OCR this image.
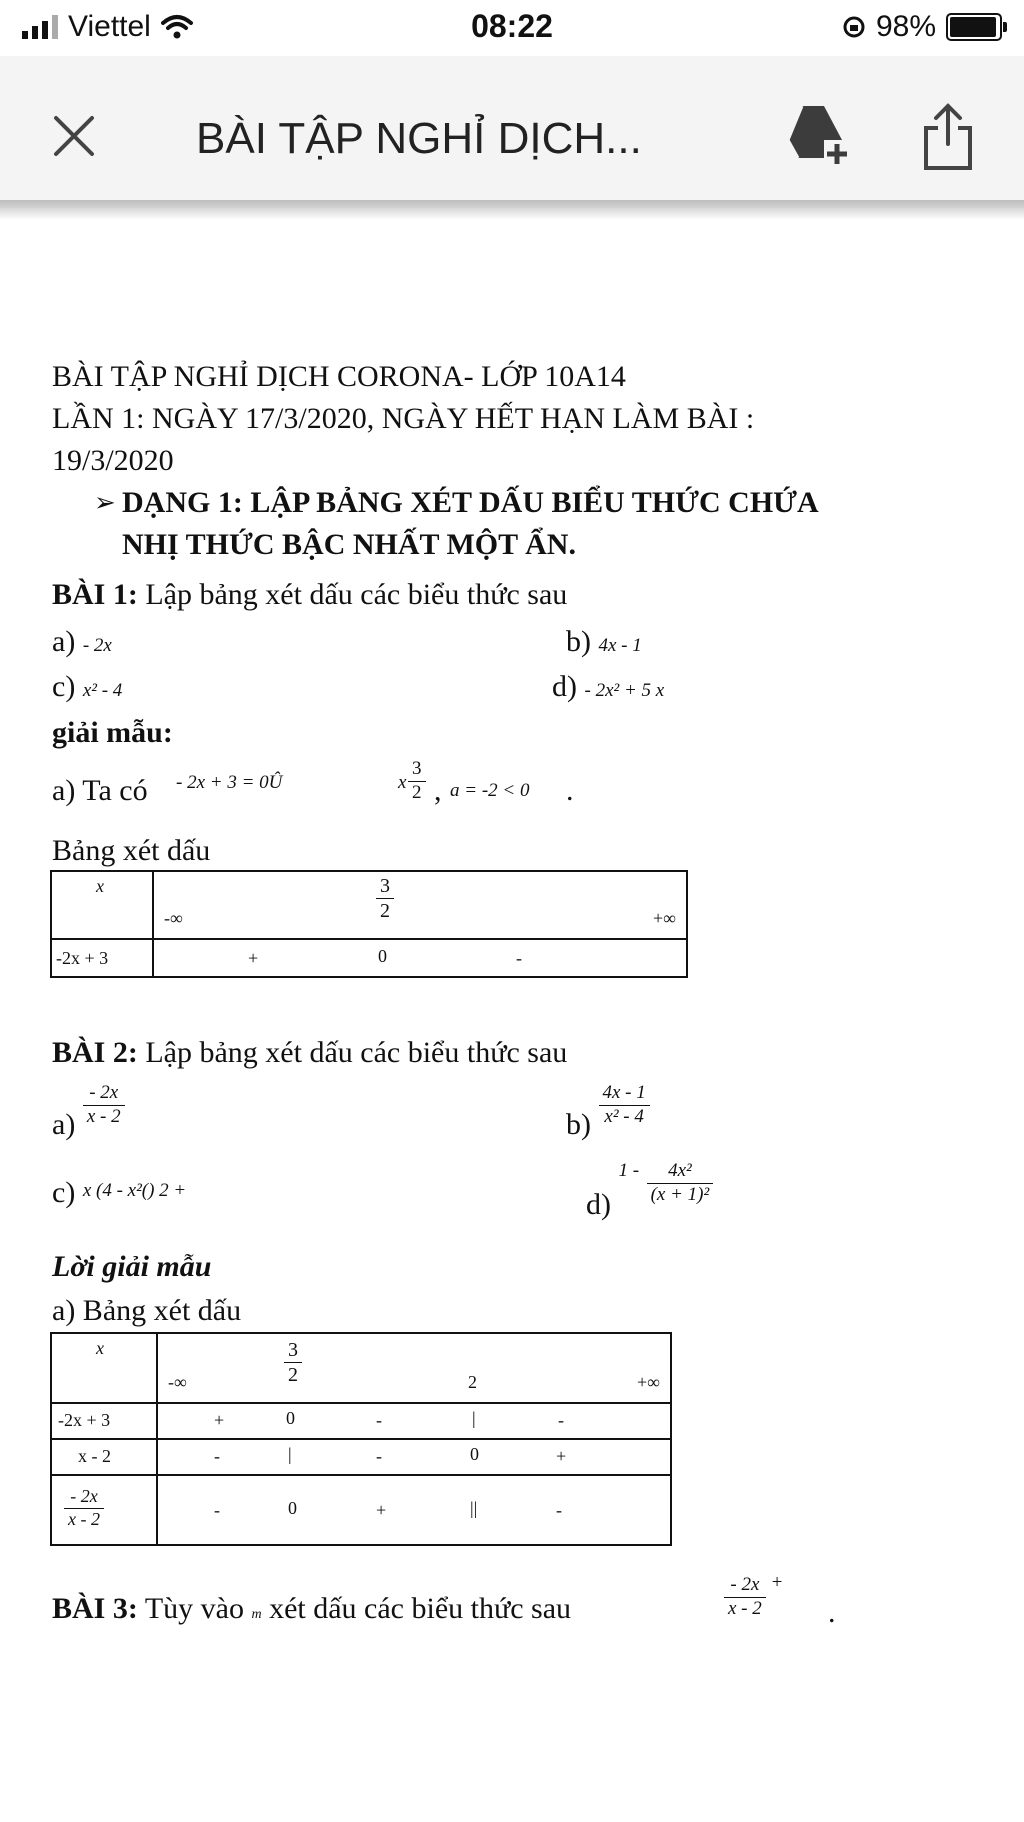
Viettel	08:22	98%
BÀI TẬP NGHỈ DỊCH...
BÀI TẬP NGHỈ DỊCH CORONA- LỚP 10A14
LẦN 1: NGÀY 17/3/2020, NGÀY HẾT HẠN LÀM BÀI :
19/3/2020
➢ DẠNG 1: LẬP BẢNG XÉT DẤU BIỂU THỨC CHỨA
NHỊ THỨC BẬC NHẤT MỘT ẨN.
BÀI 1: Lập bảng xét dấu các biểu thức sau
a) - 2x	b) 4x - 1
c) x² - 4	d) - 2x² + 5 x
giải mẫu:
a) Ta có - 2x + 3 = 0Û	x $\frac{3}{2}$ , a = -2 < 0 .
Bảng xét dấu
x	-∞ $\frac{3}{2}$ +∞

-2x + 3	+ 0 -
BÀI 2: Lập bảng xét dấu các biểu thức sau
$a) \frac{- 2x}{x - 2}$	$b) \frac{4x - 1}{\text{x² - 4}}$
c) $^{x (4 - x^2() 2 +}$	d) $^{1 -} \frac{\text{4x²}}{\text{(x + 1)²}}$
Lời giải mẫu
a) Bảng xét dấu
x	-∞ $\frac{3}{2} 2$ +∞

-2x + 3	+ 0 - | -

x - 2	- | - 0 +

$\frac{- 2x}{x - 2}$	- 0 + || -
BÀI 3: Tùy vào m xét dấu các biểu thức sau	$\frac{- 2x}{x - 2}$ +
.
